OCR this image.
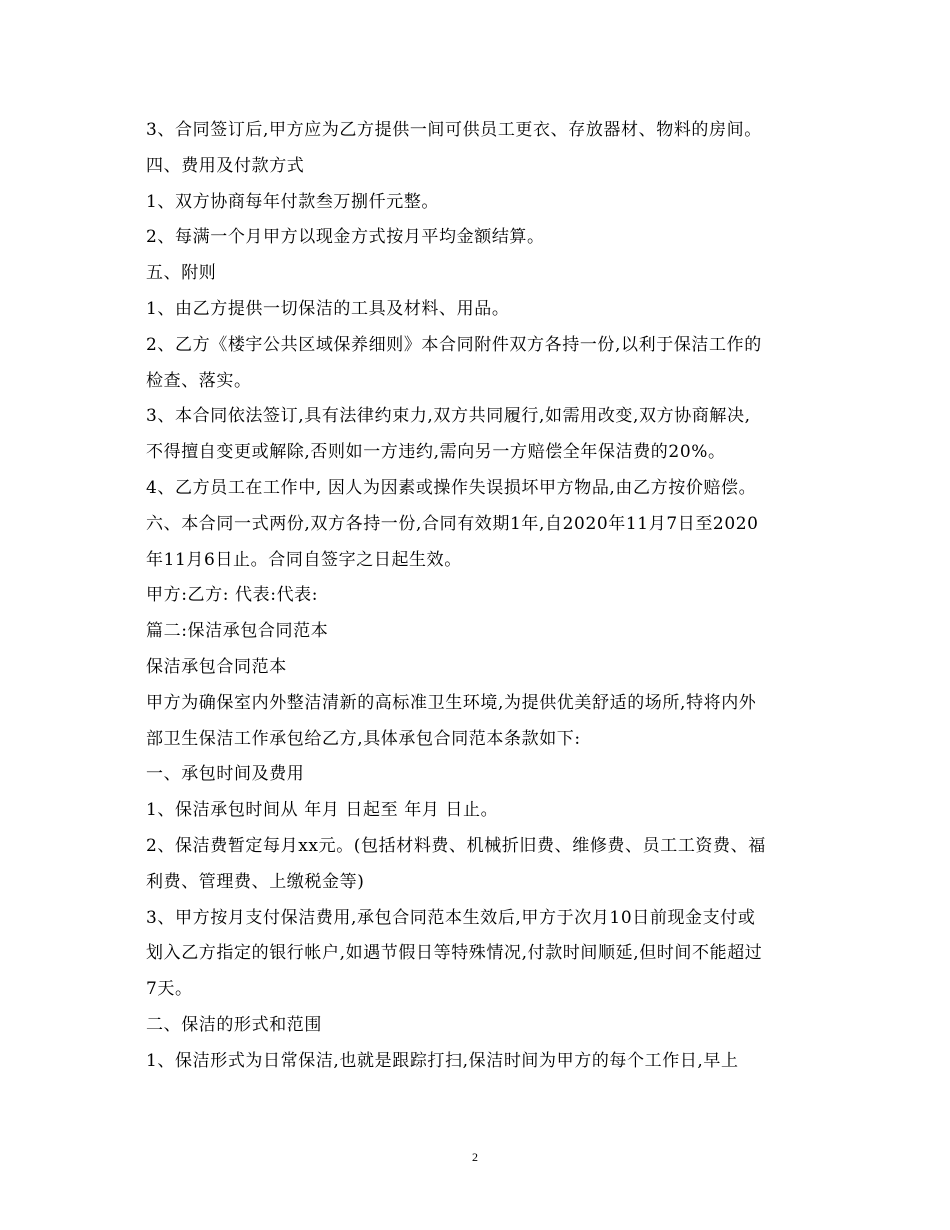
3、合同签订后,甲方应为乙方提供一间可供员工更衣、存放器材、物料的房间。
四、费用及付款方式
1、双方协商每年付款叁万捌仟元整。
2、每满一个月甲方以现金方式按月平均金额结算。
五、附则
1、由乙方提供一切保洁的工具及材料、用品。
2、乙方《楼宇公共区域保养细则》本合同附件双方各持一份,以利于保洁工作的
检查、落实。
3、本合同依法签订,具有法律约束力,双方共同履行,如需用改变,双方协商解决,
不得擅自变更或解除,否则如一方违约,需向另一方赔偿全年保洁费的20%。
4、乙方员工在工作中, 因人为因素或操作失误损坏甲方物品,由乙方按价赔偿。
六、本合同一式两份,双方各持一份,合同有效期1年,自2020年11月7日至2020
年11月6日止。合同自签字之日起生效。
甲方:乙方: 代表:代表:
篇二:保洁承包合同范本
保洁承包合同范本
甲方为确保室内外整洁清新的高标准卫生环境,为提供优美舒适的场所,特将内外
部卫生保洁工作承包给乙方,具体承包合同范本条款如下:
一、承包时间及费用
1、保洁承包时间从 年月 日起至 年月 日止。
2、保洁费暂定每月xx元。(包括材料费、机械折旧费、维修费、员工工资费、福
利费、管理费、上缴税金等)
3、甲方按月支付保洁费用,承包合同范本生效后,甲方于次月10日前现金支付或
划入乙方指定的银行帐户,如遇节假日等特殊情况,付款时间顺延,但时间不能超过
7天。
二、保洁的形式和范围
1、保洁形式为日常保洁,也就是跟踪打扫,保洁时间为甲方的每个工作日,早上
2
